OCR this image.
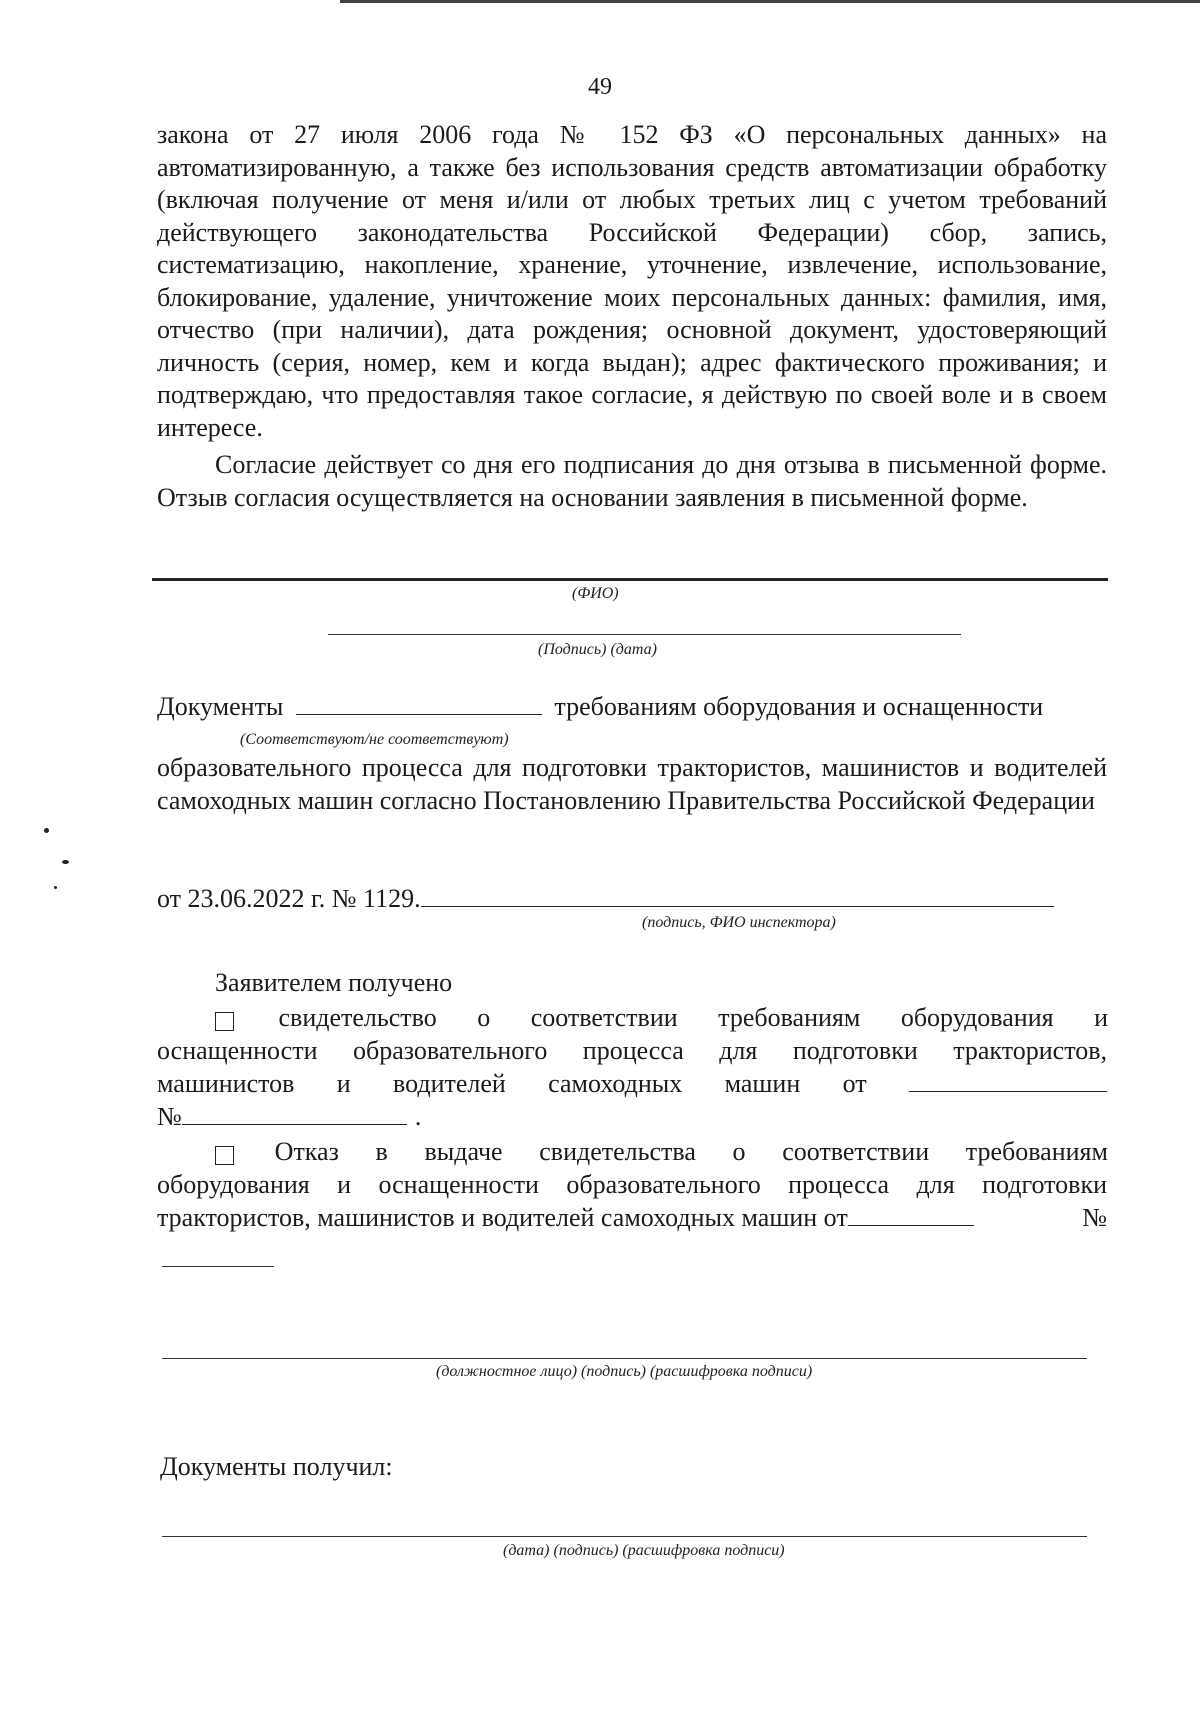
49
закона от 27 июля 2006 года № 152 ФЗ «О персональных данных» на автоматизированную, а также без использования средств автоматизации обработку (включая получение от меня и/или от любых третьих лиц с учетом требований действующего законодательства Российской Федерации) сбор, запись, систематизацию, накопление, хранение, уточнение, извлечение, использование, блокирование, удаление, уничтожение моих персональных данных: фамилия, имя, отчество (при наличии), дата рождения; основной документ, удостоверяющий личность (серия, номер, кем и когда выдан); адрес фактического проживания; и подтверждаю, что предоставляя такое согласие, я действую по своей воле и в своем интересе.
Согласие действует со дня его подписания до дня отзыва в письменной форме. Отзыв согласия осуществляется на основании заявления в письменной форме.
(ФИО)
(Подпись) (дата)
Документы	требованиям оборудования и оснащенности
(Соответствуют/не соответствуют)
образовательного процесса для подготовки трактористов, машинистов и водителей самоходных машин согласно Постановлению Правительства Российской Федерации
от 23.06.2022 г. № 1129.
(подпись, ФИО инспектора)
Заявителем получено
свидетельство о соответствии требованиям оборудования и
оснащенности образовательного процесса для подготовки трактористов,
машинистов и водителей самоходных машин от
№	.
Отказ в выдаче свидетельства о соответствии требованиям
оборудования и оснащенности образовательного процесса для подготовки
трактористов, машинистов и водителей самоходных машин от	№
(должностное лицо) (подпись) (расшифровка подписи)
Документы получил:
(дата) (подпись) (расшифровка подписи)
